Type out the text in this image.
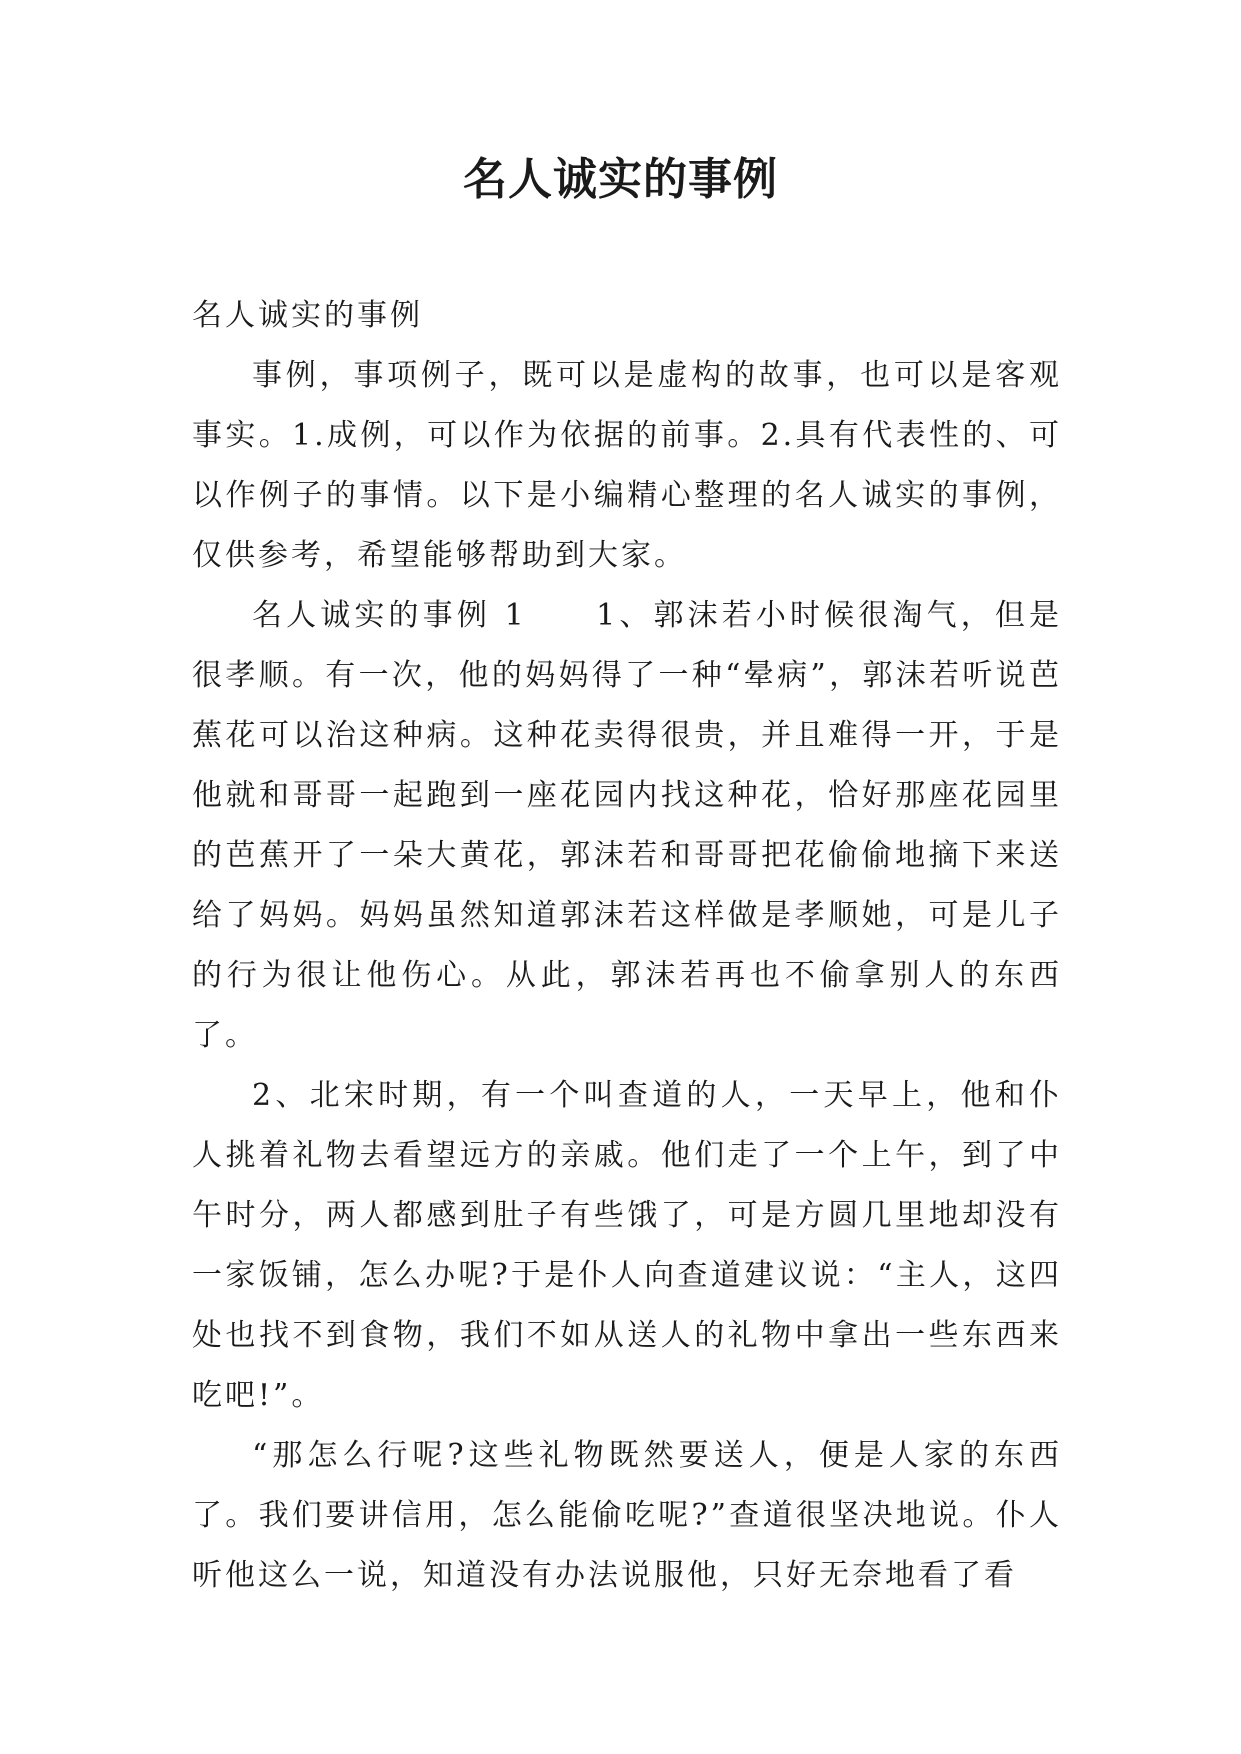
名人诚实的事例

名人诚实的事例

事例，事项例子，既可以是虚构的故事，也可以是客观事实。1.成例，可以作为依据的前事。2.具有代表性的、可以作例子的事情。以下是小编精心整理的名人诚实的事例，仅供参考，希望能够帮助到大家。

名人诚实的事例 1　　1、郭沫若小时候很淘气，但是很孝顺。有一次，他的妈妈得了一种“晕病”，郭沫若听说芭蕉花可以治这种病。这种花卖得很贵，并且难得一开，于是他就和哥哥一起跑到一座花园内找这种花，恰好那座花园里的芭蕉开了一朵大黄花，郭沫若和哥哥把花偷偷地摘下来送给了妈妈。妈妈虽然知道郭沫若这样做是孝顺她，可是儿子的行为很让他伤心。从此，郭沫若再也不偷拿别人的东西了。

2、北宋时期，有一个叫查道的人，一天早上，他和仆人挑着礼物去看望远方的亲戚。他们走了一个上午，到了中午时分，两人都感到肚子有些饿了，可是方圆几里地却没有一家饭铺，怎么办呢?于是仆人向查道建议说：“主人，这四处也找不到食物，我们不如从送人的礼物中拿出一些东西来吃吧!”。

“那怎么行呢?这些礼物既然要送人，便是人家的东西了。我们要讲信用，怎么能偷吃呢?”查道很坚决地说。仆人听他这么一说，知道没有办法说服他，只好无奈地看了看
